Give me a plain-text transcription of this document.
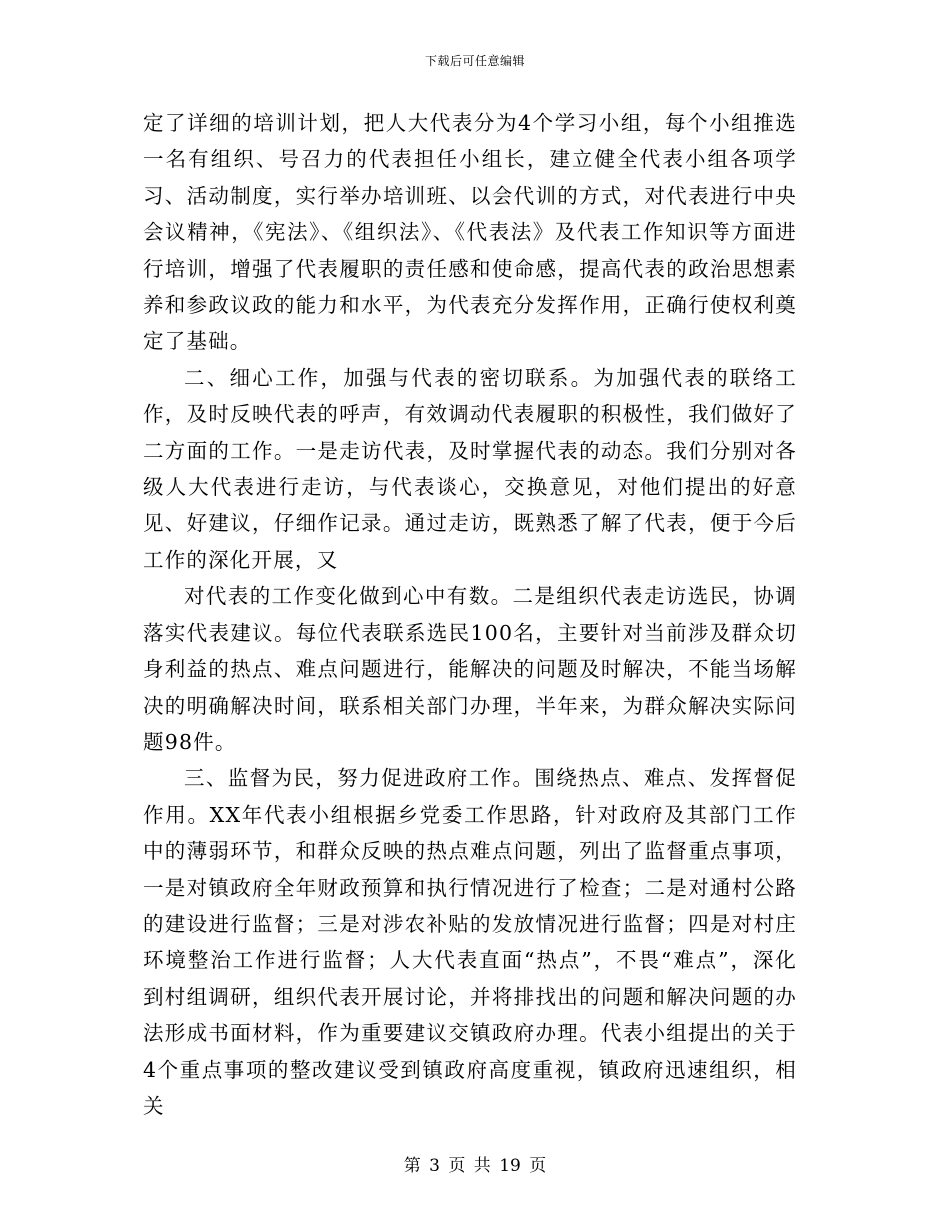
下载后可任意编辑

定了详细的培训计划，把人大代表分为4个学习小组，每个小组推选一名有组织、号召力的代表担任小组长，建立健全代表小组各项学习、活动制度，实行举办培训班、以会代训的方式，对代表进行中央会议精神，《宪法》、《组织法》、《代表法》及代表工作知识等方面进行培训，增强了代表履职的责任感和使命感，提高代表的政治思想素养和参政议政的能力和水平，为代表充分发挥作用，正确行使权利奠定了基础。

二、细心工作，加强与代表的密切联系。为加强代表的联络工作，及时反映代表的呼声，有效调动代表履职的积极性，我们做好了二方面的工作。一是走访代表，及时掌握代表的动态。我们分别对各级人大代表进行走访，与代表谈心，交换意见，对他们提出的好意见、好建议，仔细作记录。通过走访，既熟悉了解了代表，便于今后工作的深化开展，又

对代表的工作变化做到心中有数。二是组织代表走访选民，协调落实代表建议。每位代表联系选民100名，主要针对当前涉及群众切身利益的热点、难点问题进行，能解决的问题及时解决，不能当场解决的明确解决时间，联系相关部门办理，半年来，为群众解决实际问题98件。

三、监督为民，努力促进政府工作。围绕热点、难点、发挥督促作用。XX年代表小组根据乡党委工作思路，针对政府及其部门工作中的薄弱环节，和群众反映的热点难点问题，列出了监督重点事项，一是对镇政府全年财政预算和执行情况进行了检查；二是对通村公路的建设进行监督；三是对涉农补贴的发放情况进行监督；四是对村庄环境整治工作进行监督；人大代表直面“热点”，不畏“难点”，深化到村组调研，组织代表开展讨论，并将排找出的问题和解决问题的办法形成书面材料，作为重要建议交镇政府办理。代表小组提出的关于4个重点事项的整改建议受到镇政府高度重视，镇政府迅速组织，相关

第 3 页 共 19 页
